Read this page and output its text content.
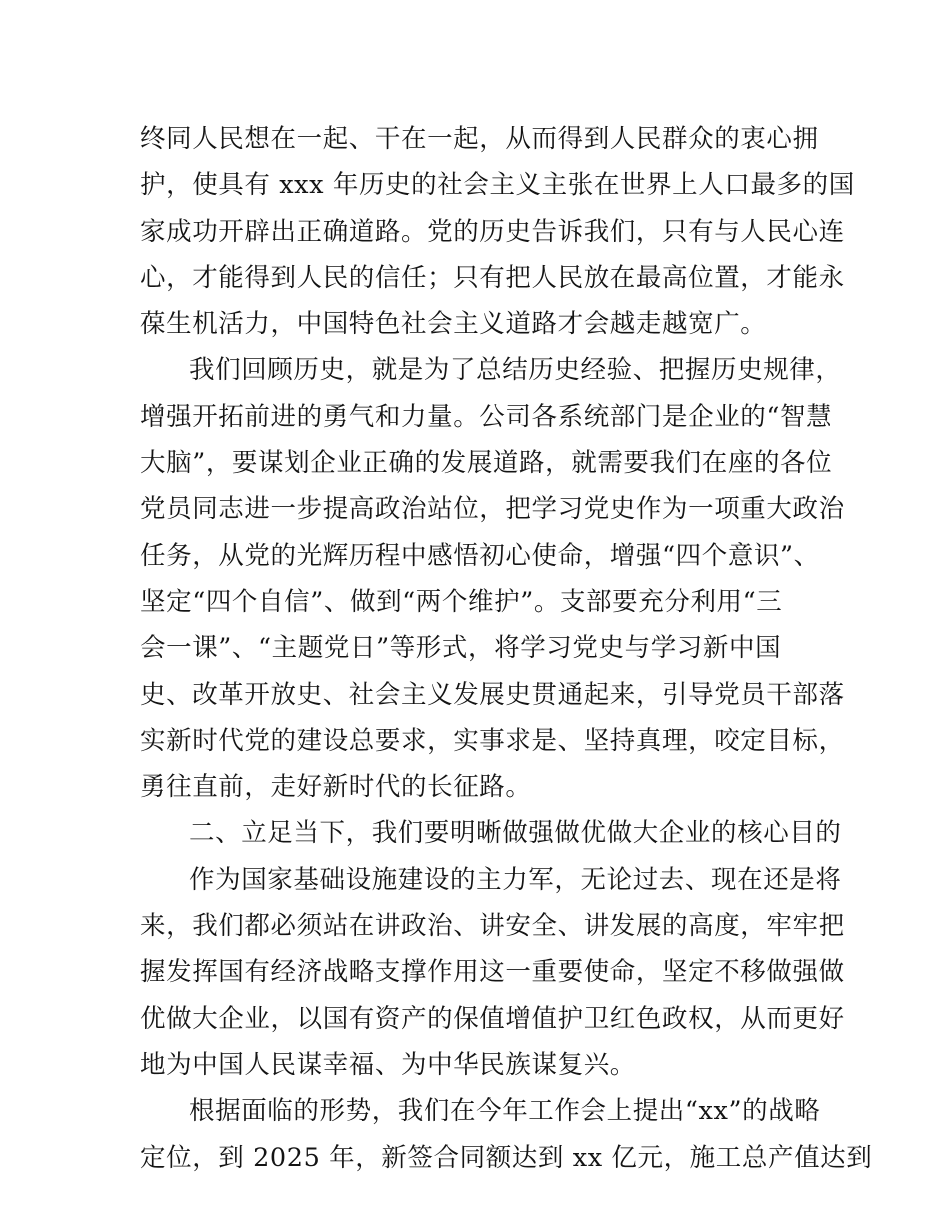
终同人民想在一起、干在一起，从而得到人民群众的衷心拥
护，使具有 xxx 年历史的社会主义主张在世界上人口最多的国
家成功开辟出正确道路。党的历史告诉我们，只有与人民心连
心，才能得到人民的信任；只有把人民放在最高位置，才能永
葆生机活力，中国特色社会主义道路才会越走越宽广。
我们回顾历史，就是为了总结历史经验、把握历史规律，
增强开拓前进的勇气和力量。公司各系统部门是企业的“智慧
大脑”，要谋划企业正确的发展道路，就需要我们在座的各位
党员同志进一步提高政治站位，把学习党史作为一项重大政治
任务，从党的光辉历程中感悟初心使命，增强“四个意识”、
坚定“四个自信”、做到“两个维护”。支部要充分利用“三
会一课”、“主题党日”等形式，将学习党史与学习新中国
史、改革开放史、社会主义发展史贯通起来，引导党员干部落
实新时代党的建设总要求，实事求是、坚持真理，咬定目标，
勇往直前，走好新时代的长征路。
二、立足当下，我们要明晰做强做优做大企业的核心目的
作为国家基础设施建设的主力军，无论过去、现在还是将
来，我们都必须站在讲政治、讲安全、讲发展的高度，牢牢把
握发挥国有经济战略支撑作用这一重要使命，坚定不移做强做
优做大企业，以国有资产的保值增值护卫红色政权，从而更好
地为中国人民谋幸福、为中华民族谋复兴。
根据面临的形势，我们在今年工作会上提出“xx”的战略
定位，到 2025 年，新签合同额达到 xx 亿元，施工总产值达到
